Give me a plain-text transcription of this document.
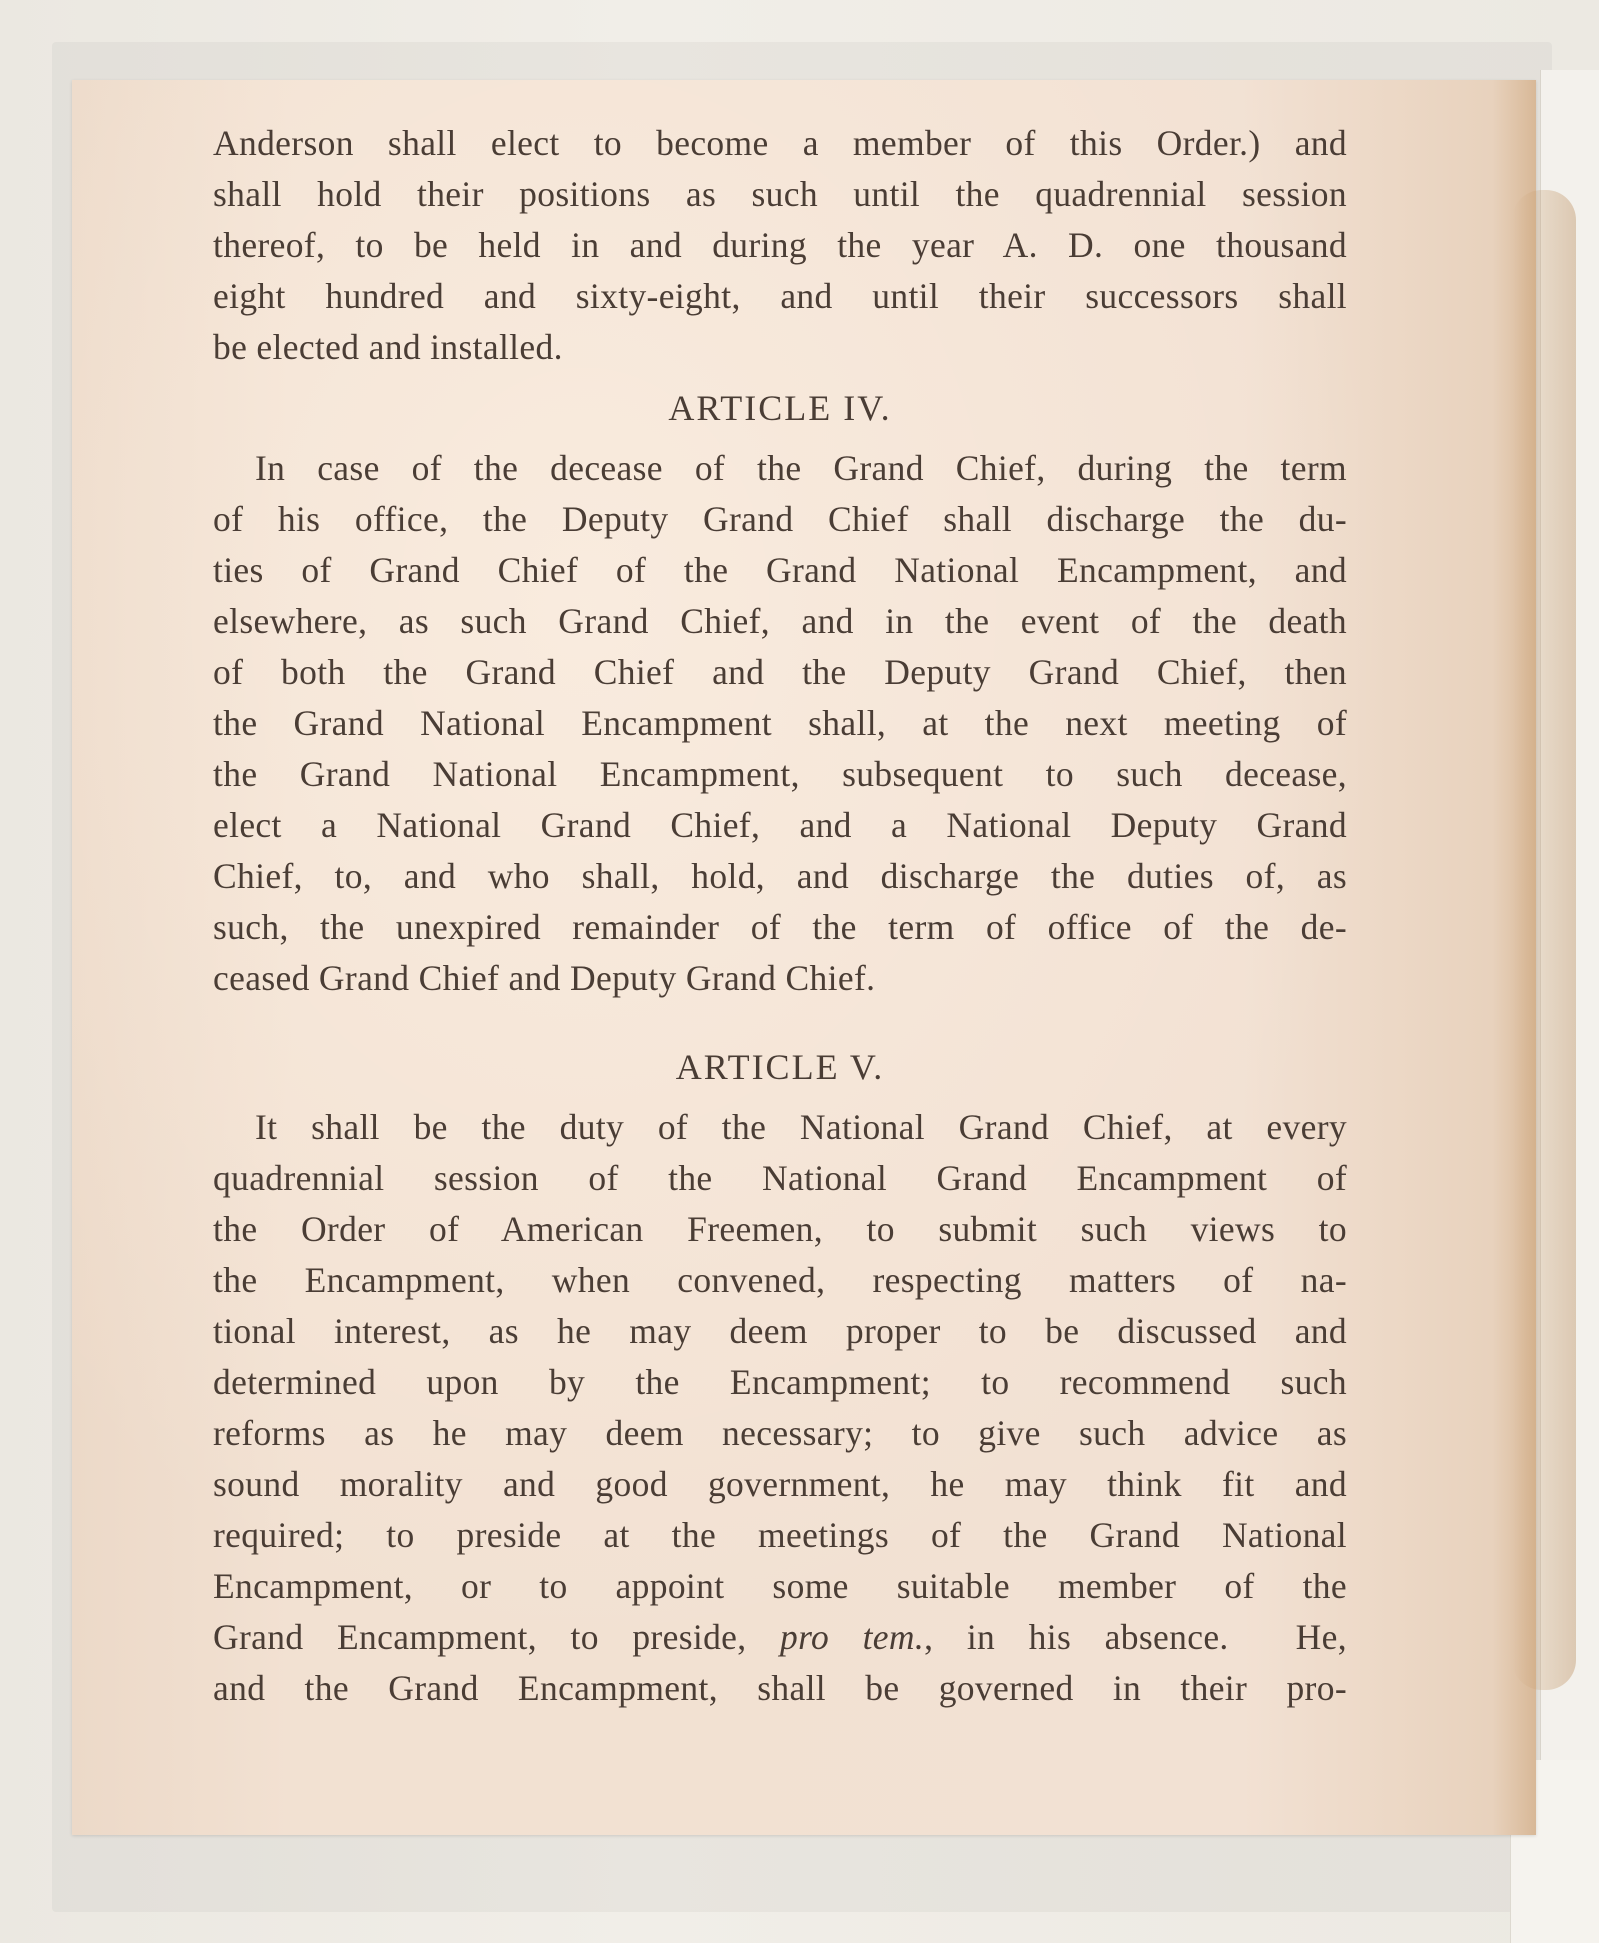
Anderson shall elect to become a member of this Order.) and
shall hold their positions as such until the quadrennial session
thereof, to be held in and during the year A. D. one thousand
eight hundred and sixty-eight, and until their successors shall
be elected and installed.
ARTICLE IV.
In case of the decease of the Grand Chief, during the term
of his office, the Deputy Grand Chief shall discharge the du-
ties of Grand Chief of the Grand National Encampment, and
elsewhere, as such Grand Chief, and in the event of the death
of both the Grand Chief and the Deputy Grand Chief, then
the Grand National Encampment shall, at the next meeting of
the Grand National Encampment, subsequent to such decease,
elect a National Grand Chief, and a National Deputy Grand
Chief, to, and who shall, hold, and discharge the duties of, as
such, the unexpired remainder of the term of office of the de-
ceased Grand Chief and Deputy Grand Chief.
ARTICLE V.
It shall be the duty of the National Grand Chief, at every
quadrennial session of the National Grand Encampment of
the Order of American Freemen, to submit such views to
the Encampment, when convened, respecting matters of na-
tional interest, as he may deem proper to be discussed and
determined upon by the Encampment; to recommend such
reforms as he may deem necessary; to give such advice as
sound morality and good government, he may think fit and
required; to preside at the meetings of the Grand National
Encampment, or to appoint some suitable member of the
Grand Encampment, to preside, pro tem., in his absence.  He,
and the Grand Encampment, shall be governed in their pro-
